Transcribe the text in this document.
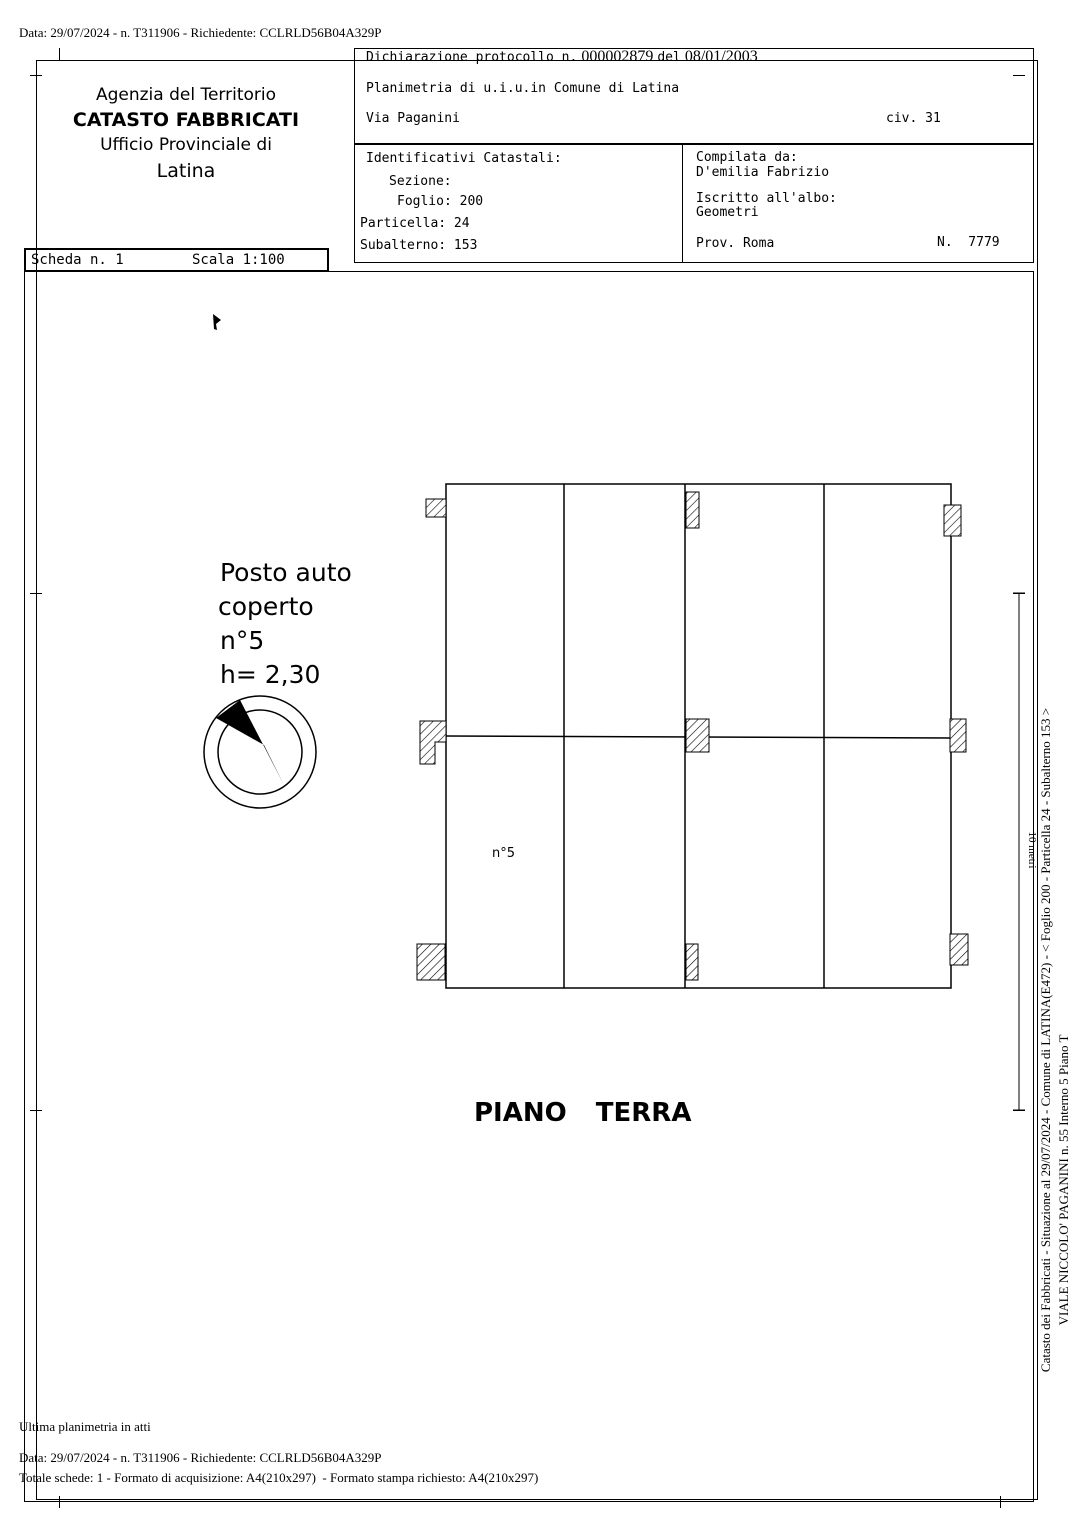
Data: 29/07/2024 - n. T311906 - Richiedente: CCLRLD56B04A329P
Agenzia del Territorio
CATASTO FABBRICATI
Ufficio Provinciale di
Latina
Scheda n. 1	Scala 1:100
Dichiarazione protocollo n. 000002879 del 08/01/2003
Planimetria di u.i.u.in Comune di Latina
Via Paganini	civ. 31
Identificativi Catastali:
Sezione:
Foglio: 200
Particella: 24
Subalterno: 153
Compilata da:
D'emilia Fabrizio
Iscritto all'albo:
Geometri
Prov. Roma	N.  7779
Posto auto
coperto
n°5
h= 2,30
n°5
PIANO TERRA
10 metri Catasto dei Fabbricati - Situazione al 29/07/2024 - Comune di LATINA(E472) - < Foglio 200 - Particella 24 - Subalterno 153 > VIALE NICCOLO' PAGANINI n. 55 Interno 5 Piano T
Ultima planimetria in atti
Data: 29/07/2024 - n. T311906 - Richiedente: CCLRLD56B04A329P
Totale schede: 1 - Formato di acquisizione: A4(210x297)  - Formato stampa richiesto: A4(210x297)
